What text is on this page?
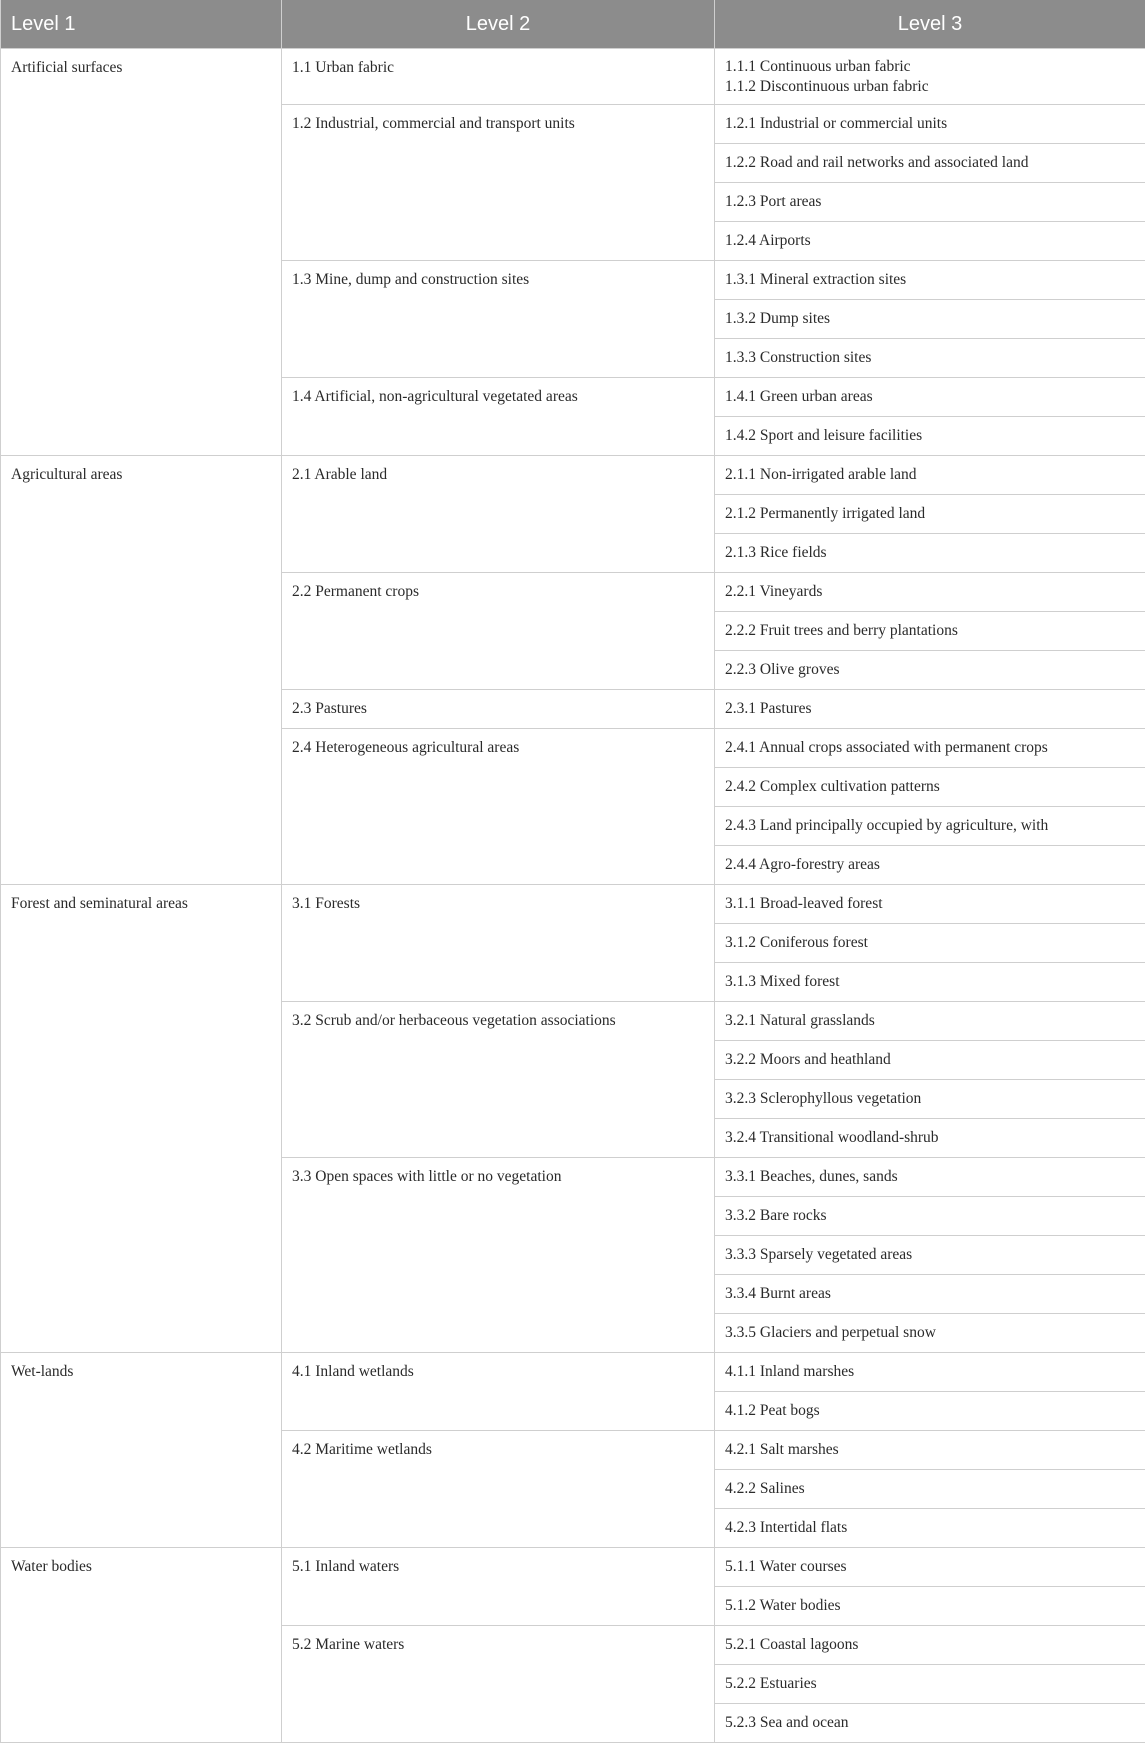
Level 1	Level 2	Level 3
Artificial surfaces	1.1 Urban fabric	1.1.1 Continuous urban fabric
1.1.2 Discontinuous urban fabric

	1.2 Industrial, commercial and transport units	1.2.1 Industrial or commercial units

		1.2.2 Road and rail networks and associated land

		1.2.3 Port areas

		1.2.4 Airports

	1.3 Mine, dump and construction sites	1.3.1 Mineral extraction sites

		1.3.2 Dump sites

		1.3.3 Construction sites

	1.4 Artificial, non-agricultural vegetated areas	1.4.1 Green urban areas

		1.4.2 Sport and leisure facilities

Agricultural areas	2.1 Arable land	2.1.1 Non-irrigated arable land

		2.1.2 Permanently irrigated land

		2.1.3 Rice fields

	2.2 Permanent crops	2.2.1 Vineyards

		2.2.2 Fruit trees and berry plantations

		2.2.3 Olive groves

	2.3 Pastures	2.3.1 Pastures

	2.4 Heterogeneous agricultural areas	2.4.1 Annual crops associated with permanent crops

		2.4.2 Complex cultivation patterns

		2.4.3 Land principally occupied by agriculture, with

		2.4.4 Agro-forestry areas

Forest and seminatural areas	3.1 Forests	3.1.1 Broad-leaved forest

		3.1.2 Coniferous forest

		3.1.3 Mixed forest

	3.2 Scrub and/or herbaceous vegetation associations	3.2.1 Natural grasslands

		3.2.2 Moors and heathland

		3.2.3 Sclerophyllous vegetation

		3.2.4 Transitional woodland-shrub

	3.3 Open spaces with little or no vegetation	3.3.1 Beaches, dunes, sands

		3.3.2 Bare rocks

		3.3.3 Sparsely vegetated areas

		3.3.4 Burnt areas

		3.3.5 Glaciers and perpetual snow

Wet-lands	4.1 Inland wetlands	4.1.1 Inland marshes

		4.1.2 Peat bogs

	4.2 Maritime wetlands	4.2.1 Salt marshes

		4.2.2 Salines

		4.2.3 Intertidal flats

Water bodies	5.1 Inland waters	5.1.1 Water courses

		5.1.2 Water bodies

	5.2 Marine waters	5.2.1 Coastal lagoons

		5.2.2 Estuaries

		5.2.3 Sea and ocean
